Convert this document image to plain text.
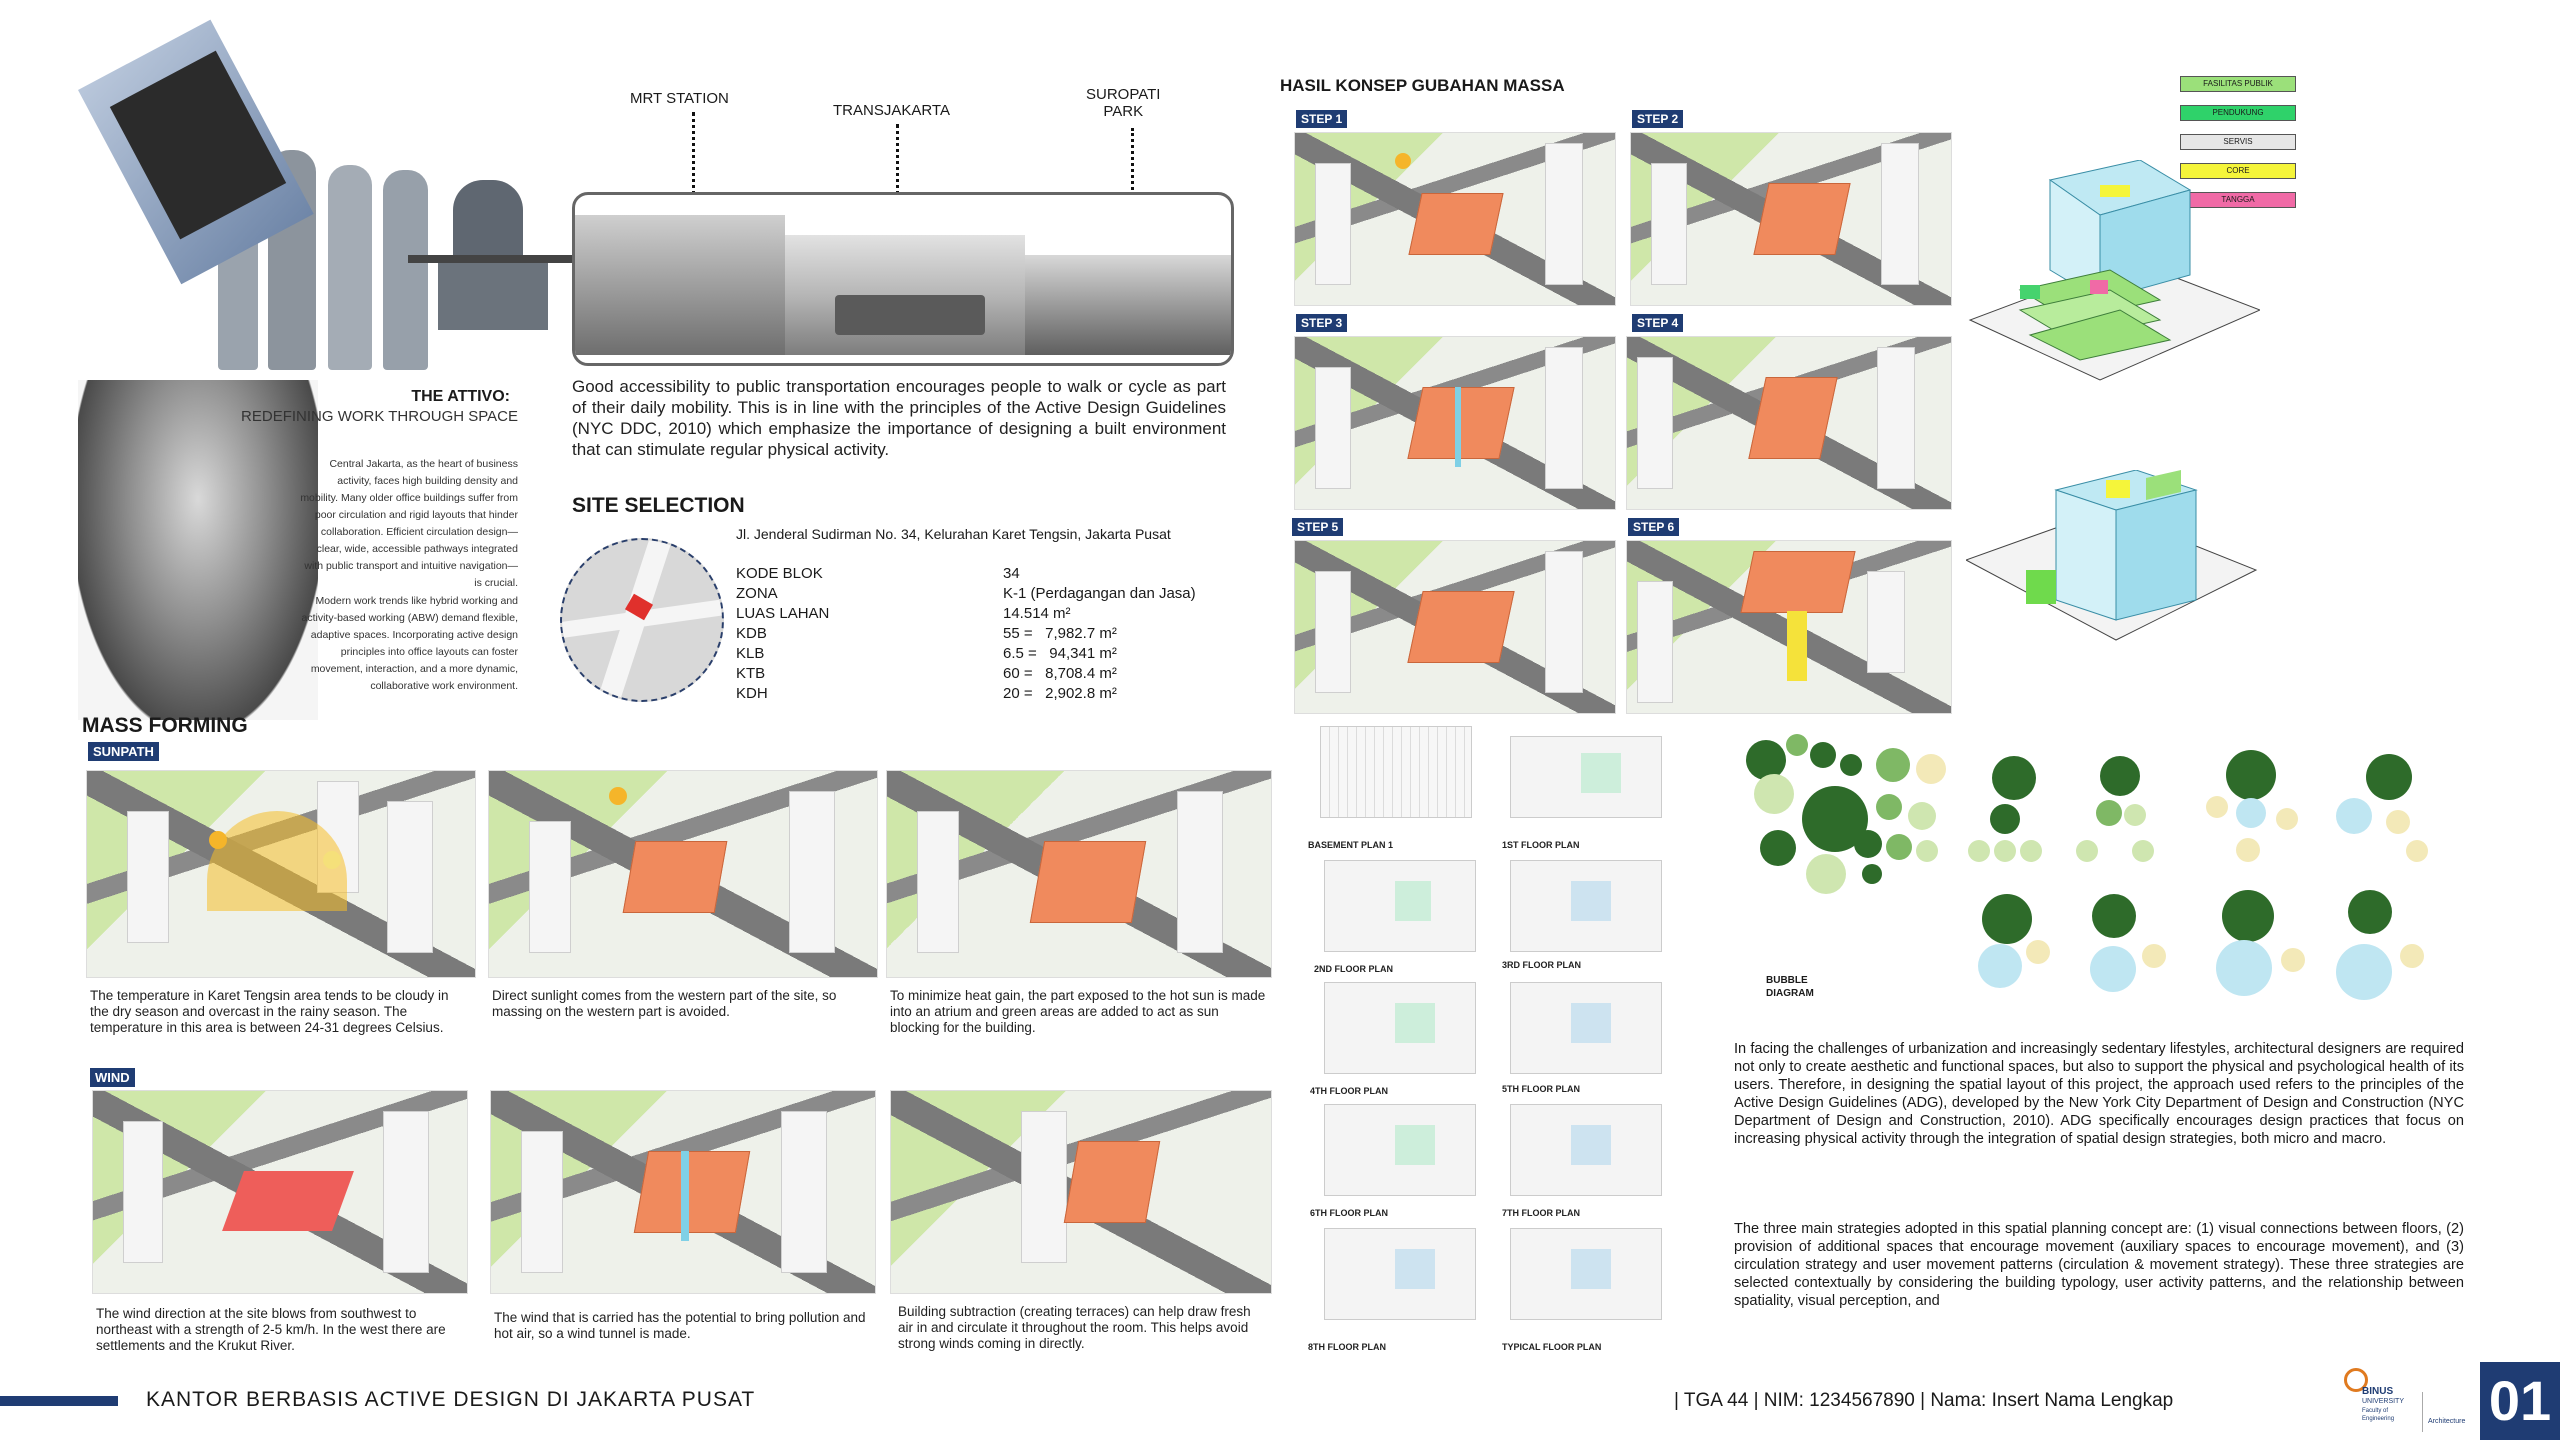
THE ATTIVO:
REDEFINING WORK THROUGH SPACE
Central Jakarta, as the heart of business activity, faces high building density and mobility. Many older office buildings suffer from poor circulation and rigid layouts that hinder collaboration. Efficient circulation design—clear, wide, accessible pathways integrated with public transport and intuitive navigation—is crucial.
Modern work trends like hybrid working and activity-based working (ABW) demand flexible, adaptive spaces. Incorporating active design principles into office layouts can foster movement, interaction, and a more dynamic, collaborative work environment.
MRT STATION
TRANSJAKARTA
SUROPATI
PARK
Good accessibility to public transportation encourages people to walk or cycle as part of their daily mobility. This is in line with the principles of the Active Design Guidelines (NYC DDC, 2010) which emphasize the importance of designing a built environment that can stimulate regular physical activity.
SITE SELECTION
Jl. Jenderal Sudirman No. 34, Kelurahan Karet Tengsin, Jakarta Pusat
KODE BLOK	34
ZONA	K-1 (Perdagangan dan Jasa)
LUAS LAHAN	14.514 m²
KDB	55 =   7,982.7 m²
KLB	6.5 =   94,341 m²
KTB	60 =   8,708.4 m²
KDH	20 =   2,902.8 m²
MASS FORMING
SUNPATH
The temperature in Karet Tengsin area tends to be cloudy in the dry season and overcast in the rainy season. The temperature in this area is between 24-31 degrees Celsius.
Direct sunlight comes from the western part of the site, so massing on the western part is avoided.
To minimize heat gain, the part exposed to the hot sun is made into an atrium and green areas are added to act as sun blocking for the building.
WIND
The wind direction at the site blows from southwest to northeast with a strength of 2-5 km/h. In the west there are settlements and the Krukut River.
The wind that is carried has the potential to bring pollution and hot air, so a wind tunnel is made.
Building subtraction (creating terraces) can help draw fresh air in and circulate it throughout the room. This helps avoid strong winds coming in directly.
HASIL KONSEP GUBAHAN MASSA
STEP 1	STEP 2
STEP 3	STEP 4
STEP 5	STEP 6
FASILITAS PUBLIK
PENDUKUNG
SERVIS
CORE
TANGGA
BASEMENT PLAN 1	1ST FLOOR PLAN
2ND FLOOR PLAN	3RD FLOOR PLAN
4TH FLOOR PLAN	5TH FLOOR PLAN
6TH FLOOR PLAN	7TH FLOOR PLAN
8TH FLOOR PLAN	TYPICAL FLOOR PLAN
BUBBLE
DIAGRAM
In facing the challenges of urbanization and increasingly sedentary lifestyles, architectural designers are required not only to create aesthetic and functional spaces, but also to support the physical and psychological health of its users. Therefore, in designing the spatial layout of this project, the approach used refers to the principles of the Active Design Guidelines (ADG), developed by the New York City Department of Design and Construction (NYC Department of Design and Construction, 2010). ADG specifically encourages design practices that focus on increasing physical activity through the integration of spatial design strategies, both micro and macro.
The three main strategies adopted in this spatial planning concept are: (1) visual connections between floors, (2) provision of additional spaces that encourage movement (auxiliary spaces to encourage movement), and (3) circulation strategy and user movement patterns (circulation & movement strategy). These three strategies are selected contextually by considering the building typology, user activity patterns, and the relationship between spatiality, visual perception, and
KANTOR BERBASIS ACTIVE DESIGN DI JAKARTA PUSAT	| TGA 44 | NIM: 1234567890 | Nama: Insert Nama Lengkap	BINUS
UNIVERSITY
Faculty of
Engineering	Architecture 01
